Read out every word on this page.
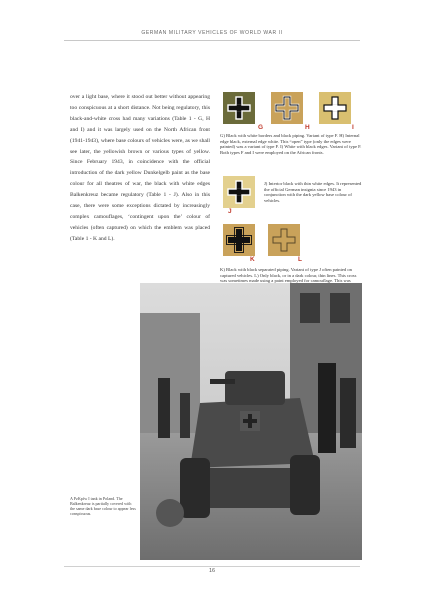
GERMAN MILITARY VEHICLES OF WORLD WAR II
over a light base, where it stood out better without appearing too conspicuous at a short distance. Not being regulatory, this black-and-white cross had many variations (Table 1 - G, H and I) and it was largely used on the North African front (1941-1943), where base colours of vehicles were, as we shall see later, the yellowish brown or various types of yellow. Since February 1943, in coincidence with the official introduction of the dark yellow Dunkelgelb paint as the base colour for all theatres of war, the black with white edges Balkenkreuz became regulatory (Table 1 - J). Also in this case, there were some exceptions dictated by increasingly complex camouflages, ‘contingent upon the’ colour of vehicles (often captured) on which the emblem was placed (Table 1 - K and L).
G	H	I
G) Black with white borders and black piping. Variant of type F. H) Internal edge black, external edge white. This “open” type (only the edges were painted) was a variant of type F. I) White with black edges. Variant of type F. Both types F and I were employed on the African fronts.
J
J) Interior black with thin white edges. It represented the official German insignia since 1943 in conjunction with the dark yellow base colour of vehicles.
K	L
K) Black with black separated piping. Variant of type J often painted on captured vehicles. L) Only black, or in a dark colour, thin lines. This cross was sometimes made using a paint employed for camouflage. This was
A PzKpfw I tank in Poland. The Balkenkreuz is partially covered with the same dark base colour to appear less conspicuous.
16
